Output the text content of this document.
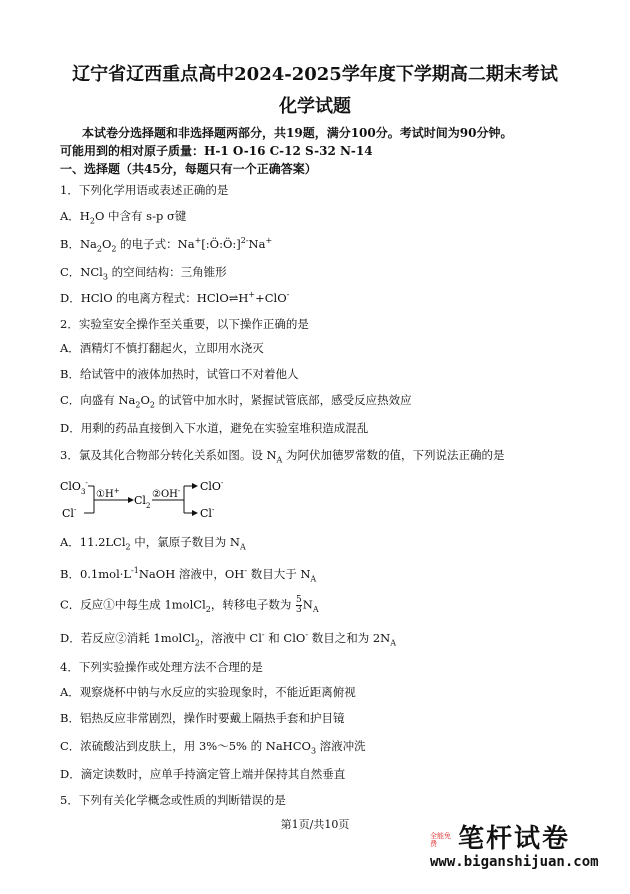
辽宁省辽西重点高中2024-2025学年度下学期高二期末考试
化学试题
本试卷分选择题和非选择题两部分，共19题，满分100分。考试时间为90分钟。
可能用到的相对原子质量：H-1 O-16 C-12 S-32 N-14
一、选择题（共45分，每题只有一个正确答案）
1．下列化学用语或表述正确的是
A．$H_2O$ 中含有 s-p σ键
B．$Na_2O_2$ 的电子式：Na+[:Ö:Ö:]$^{2-}$Na+
C．NCl$_3$ 的空间结构：三角锥形
D．HClO 的电离方程式：HClO⇌H++ClO-
2．实验室安全操作至关重要，以下操作正确的是
A．酒精灯不慎打翻起火，立即用水浇灭
B．给试管中的液体加热时，试管口不对着他人
C．向盛有 $Na_2O_2$ 的试管中加水时，紧握试管底部，感受反应热效应
D．用剩的药品直接倒入下水道，避免在实验室堆积造成混乱
3．氯及其化合物部分转化关系如图。设 $N_A$ 为阿伏加德罗常数的值，下列说法正确的是
ClO$_3$-
Cl-
①H+
$Cl_2$
②OH- ClO-
Cl-
A．11.2LCl$_2$ 中，氯原子数目为 $N_A$
B．$0.1mol\cdot L^{-1}NaOH$ 溶液中，OH- 数目大于 $N_A$
C．反应①中每生成 1molCl$_2$，转移电子数为 $\frac{5}{3} N_A$
D．若反应②消耗 1molCl$_2$，溶液中 Cl- 和 ClO- 数目之和为 $2N_A$
4．下列实验操作或处理方法不合理的是
A．观察烧杯中钠与水反应的实验现象时，不能近距离俯视
B．铝热反应非常剧烈，操作时要戴上隔热手套和护目镜
C．浓硫酸沾到皮肤上，用 3%～5% 的 NaHCO$_3$ 溶液冲洗
D．滴定读数时，应单手持滴定管上端并保持其自然垂直
5．下列有关化学概念或性质的判断错误的是
第1页/共10页
全能免费 笔杆试卷
www.biganshijuan.com
